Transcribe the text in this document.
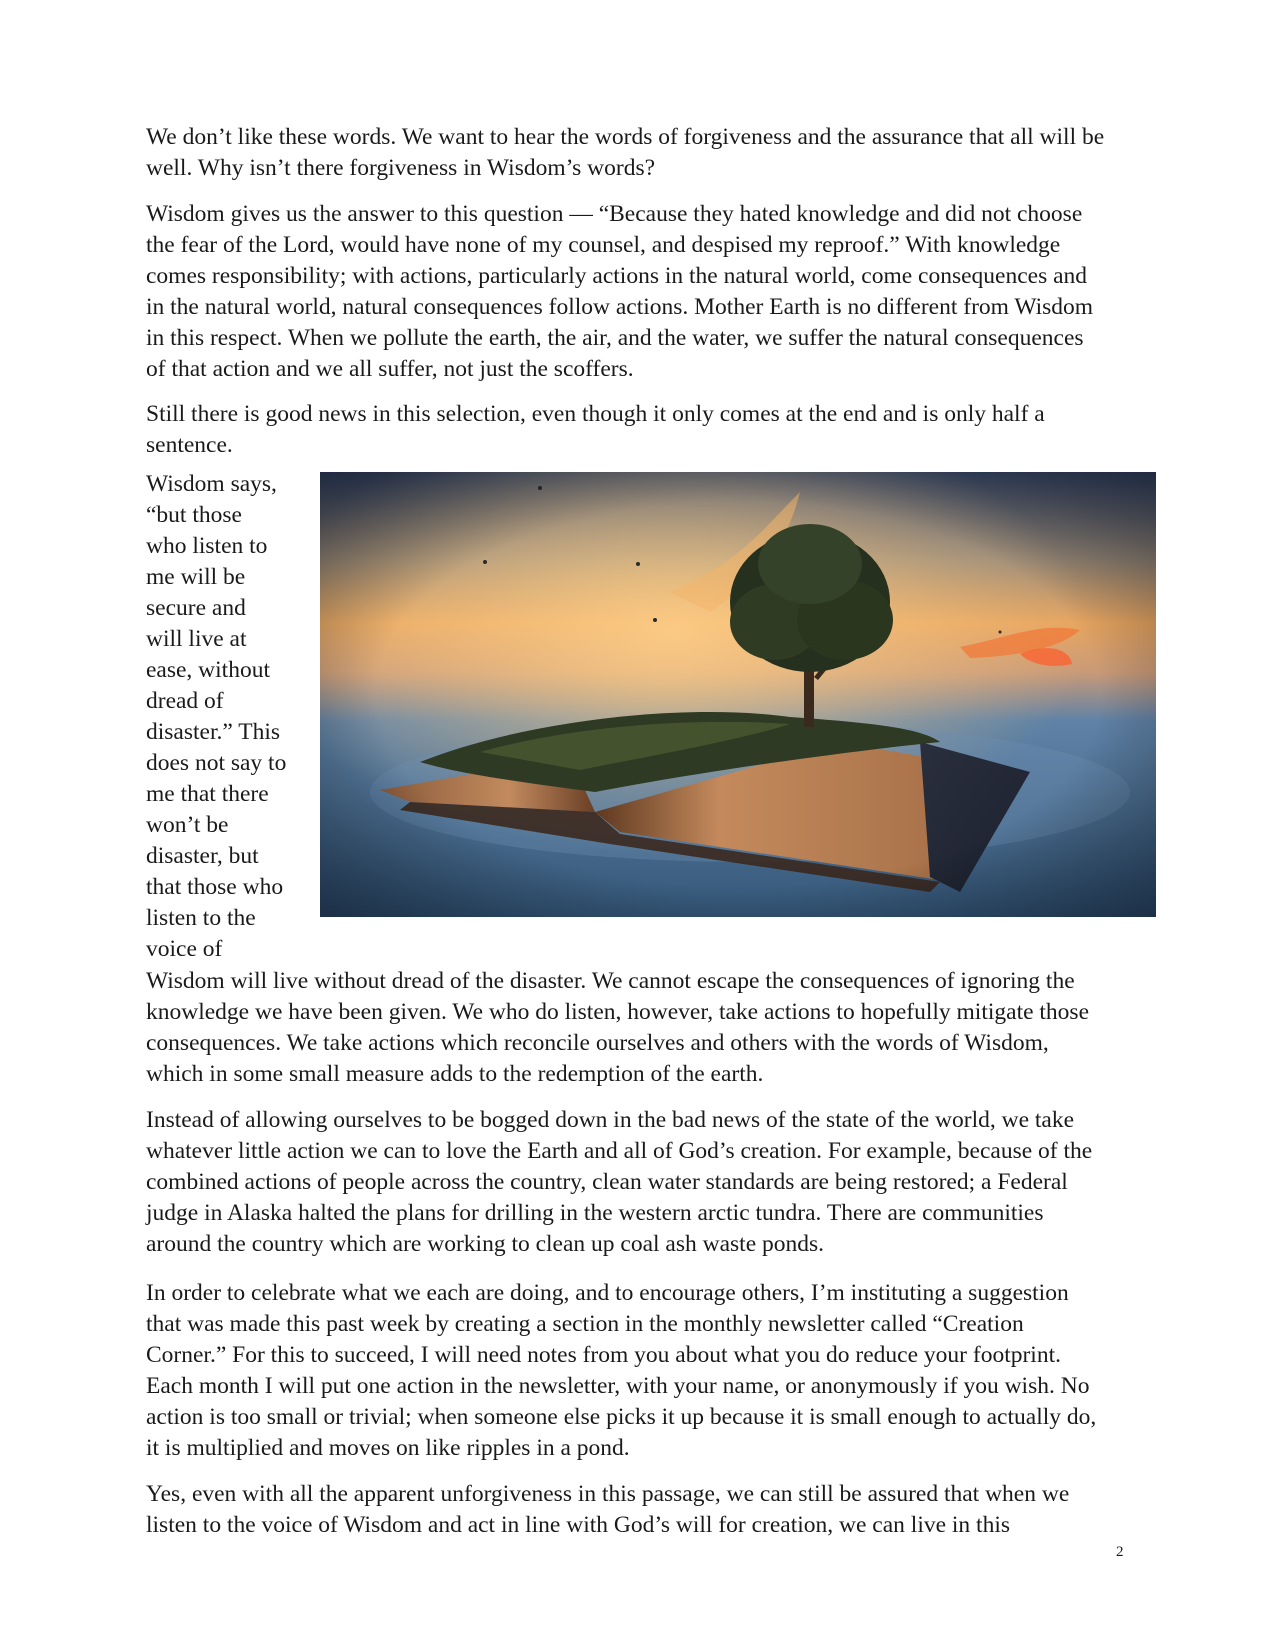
We don’t like these words. We want to hear the words of forgiveness and the assurance that all will be well. Why isn’t there forgiveness in Wisdom’s words?

Wisdom gives us the answer to this question — “Because they hated knowledge and did not choose the fear of the Lord, would have none of my counsel, and despised my reproof.” With knowledge comes responsibility; with actions, particularly actions in the natural world, come consequences and in the natural world, natural consequences follow actions. Mother Earth is no different from Wisdom in this respect. When we pollute the earth, the air, and the water, we suffer the natural consequences of that action and we all suffer, not just the scoffers.

Still there is good news in this selection, even though it only comes at the end and is only half a sentence.

Wisdom says,
“but those
who listen to
me will be
secure and
will live at
ease, without
dread of
disaster.” This
does not say to
me that there
won’t be
disaster, but
that those who
listen to the
voice of

Wisdom will live without dread of the disaster. We cannot escape the consequences of ignoring the knowledge we have been given. We who do listen, however, take actions to hopefully mitigate those consequences. We take actions which reconcile ourselves and others with the words of Wisdom, which in some small measure adds to the redemption of the earth.

Instead of allowing ourselves to be bogged down in the bad news of the state of the world, we take whatever little action we can to love the Earth and all of God’s creation. For example, because of the combined actions of people across the country, clean water standards are being restored; a Federal judge in Alaska halted the plans for drilling in the western arctic tundra. There are communities around the country which are working to clean up coal ash waste ponds.

In order to celebrate what we each are doing, and to encourage others, I’m instituting a suggestion that was made this past week by creating a section in the monthly newsletter called “Creation Corner.” For this to succeed, I will need notes from you about what you do reduce your footprint. Each month I will put one action in the newsletter, with your name, or anonymously if you wish. No action is too small or trivial; when someone else picks it up because it is small enough to actually do, it is multiplied and moves on like ripples in a pond.

Yes, even with all the apparent unforgiveness in this passage, we can still be assured that when we listen to the voice of Wisdom and act in line with God’s will for creation, we can live in this

2
